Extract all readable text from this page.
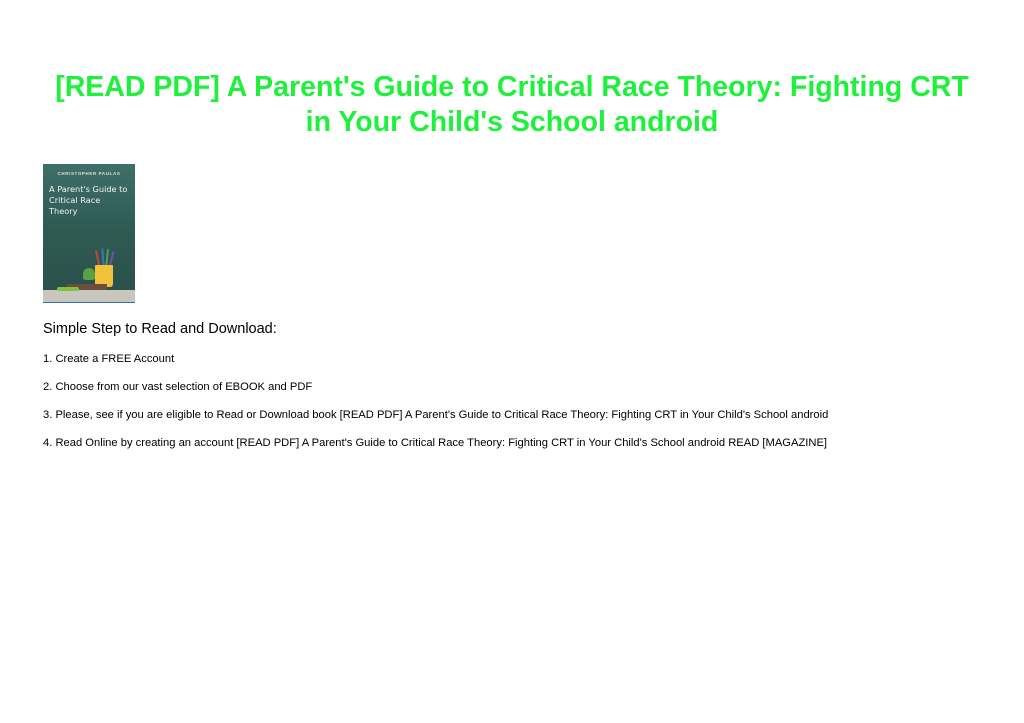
[READ PDF] A Parent's Guide to Critical Race Theory: Fighting CRT in Your Child's School android
CHRISTOPHER PAULAS
A Parent's Guide to Critical Race Theory

Simple Step to Read and Download:

1. Create a FREE Account
2. Choose from our vast selection of EBOOK and PDF
3. Please, see if you are eligible to Read or Download book [READ PDF] A Parent's Guide to Critical Race Theory: Fighting CRT in Your Child's School android
4. Read Online by creating an account [READ PDF] A Parent's Guide to Critical Race Theory: Fighting CRT in Your Child's School android READ [MAGAZINE]
